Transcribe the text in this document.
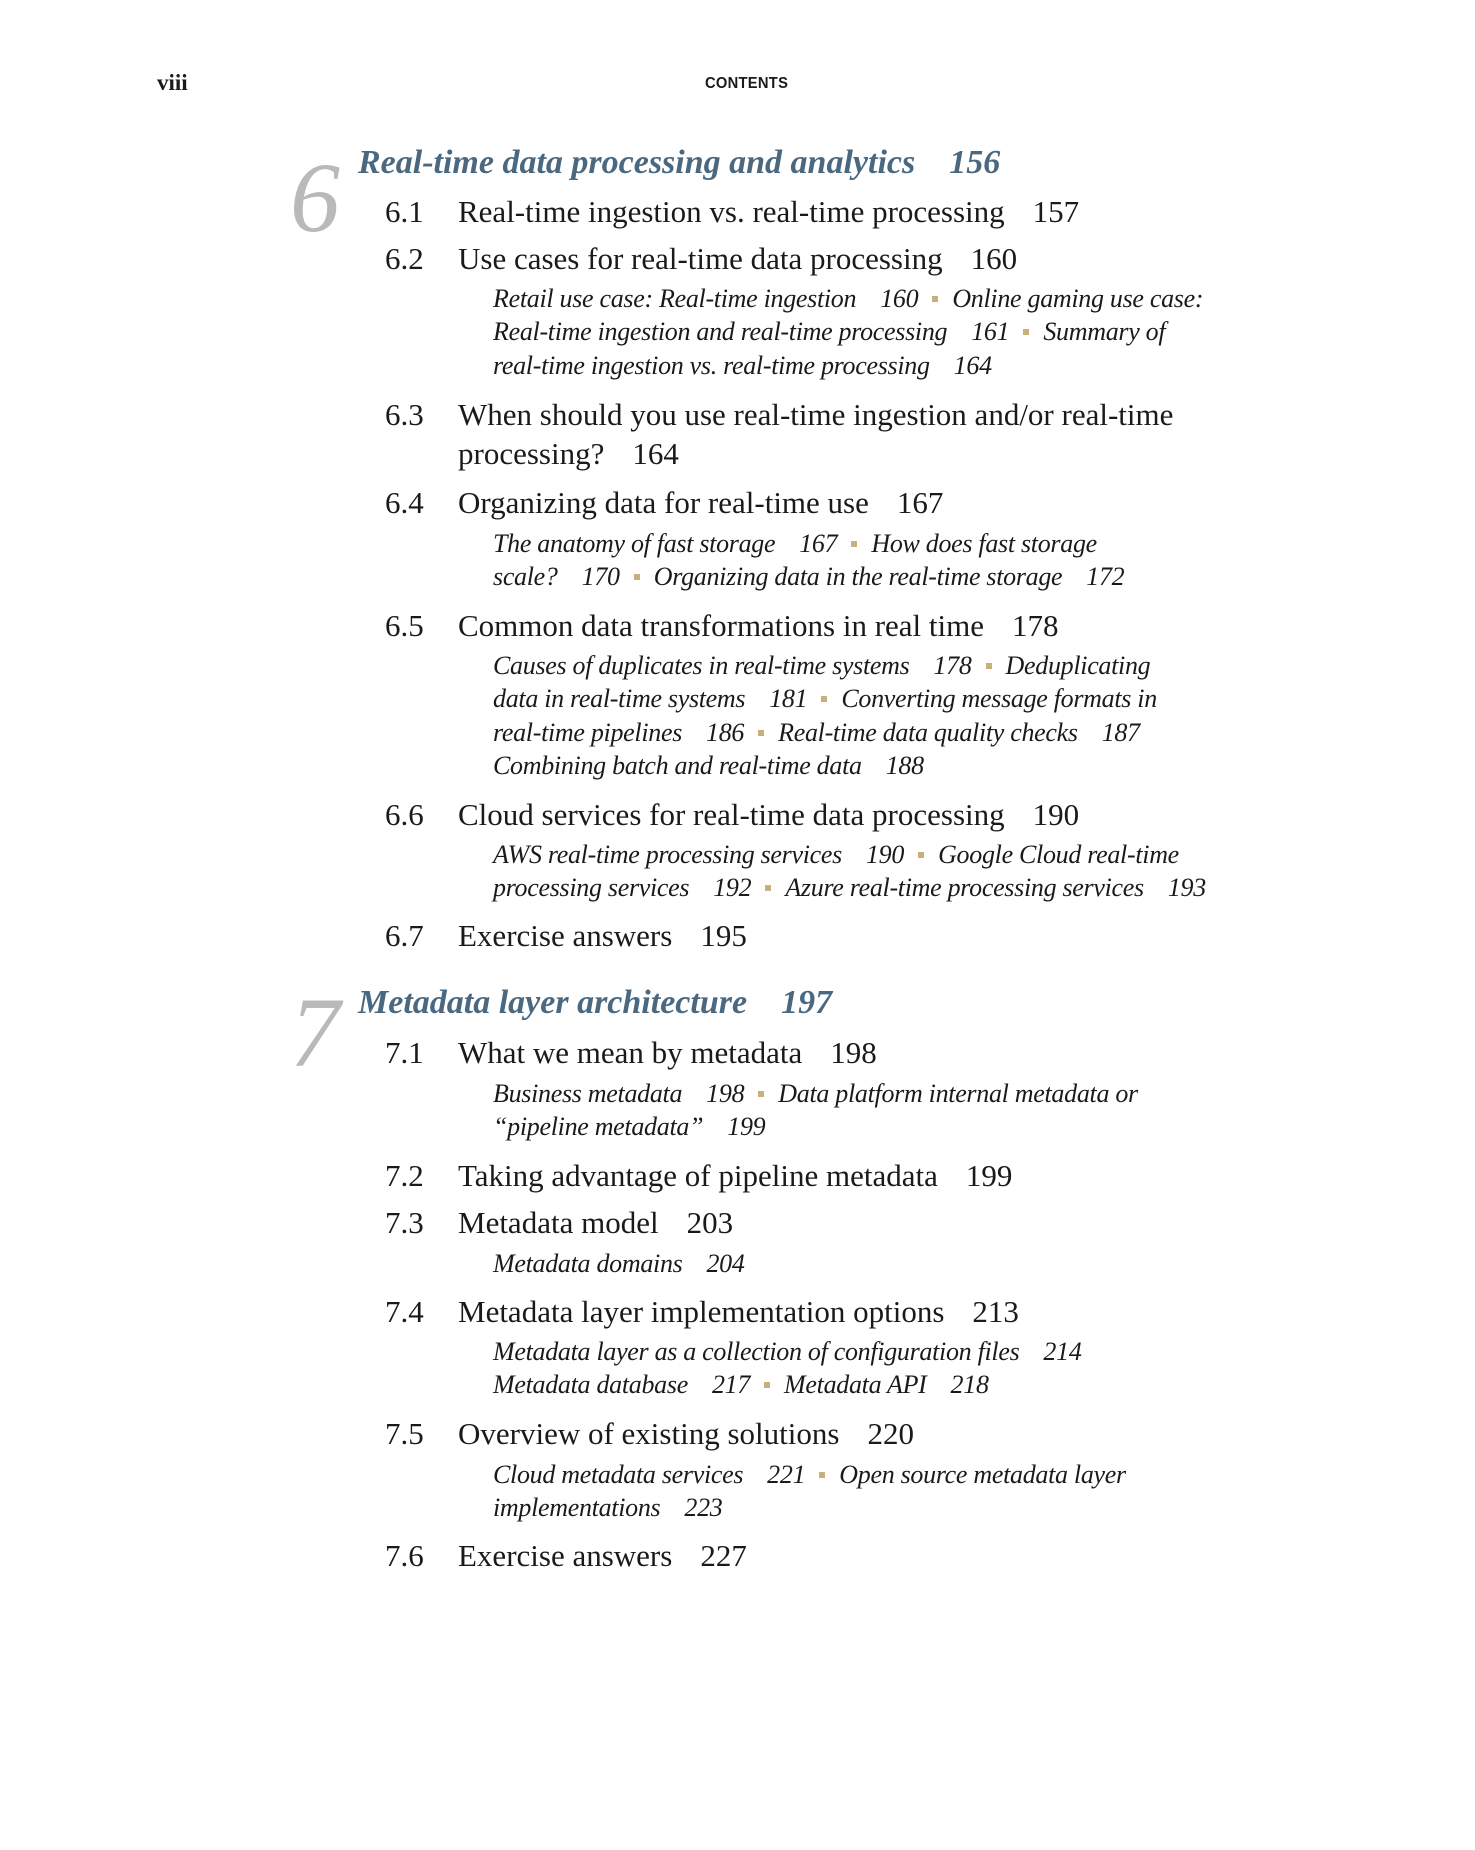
viii	CONTENTS
6 Real-time data processing and analytics 156
6.1 Real-time ingestion vs. real-time processing 157
6.2 Use cases for real-time data processing 160
Retail use case: Real-time ingestion 160 Online gaming use case:
Real-time ingestion and real-time processing 161 Summary of
real-time ingestion vs. real-time processing 164
6.3 When should you use real-time ingestion and/or real-time
processing? 164
6.4 Organizing data for real-time use 167
The anatomy of fast storage 167 How does fast storage
scale? 170 Organizing data in the real-time storage 172
6.5 Common data transformations in real time 178
Causes of duplicates in real-time systems 178 Deduplicating
data in real-time systems 181 Converting message formats in
real-time pipelines 186 Real-time data quality checks 187
Combining batch and real-time data 188
6.6 Cloud services for real-time data processing 190
AWS real-time processing services 190 Google Cloud real-time
processing services 192 Azure real-time processing services 193
6.7 Exercise answers 195
7 Metadata layer architecture 197
7.1 What we mean by metadata 198
Business metadata 198 Data platform internal metadata or
“pipeline metadata” 199
7.2 Taking advantage of pipeline metadata 199
7.3 Metadata model 203
Metadata domains 204
7.4 Metadata layer implementation options 213
Metadata layer as a collection of configuration files 214
Metadata database 217 Metadata API 218
7.5 Overview of existing solutions 220
Cloud metadata services 221 Open source metadata layer
implementations 223
7.6 Exercise answers 227
